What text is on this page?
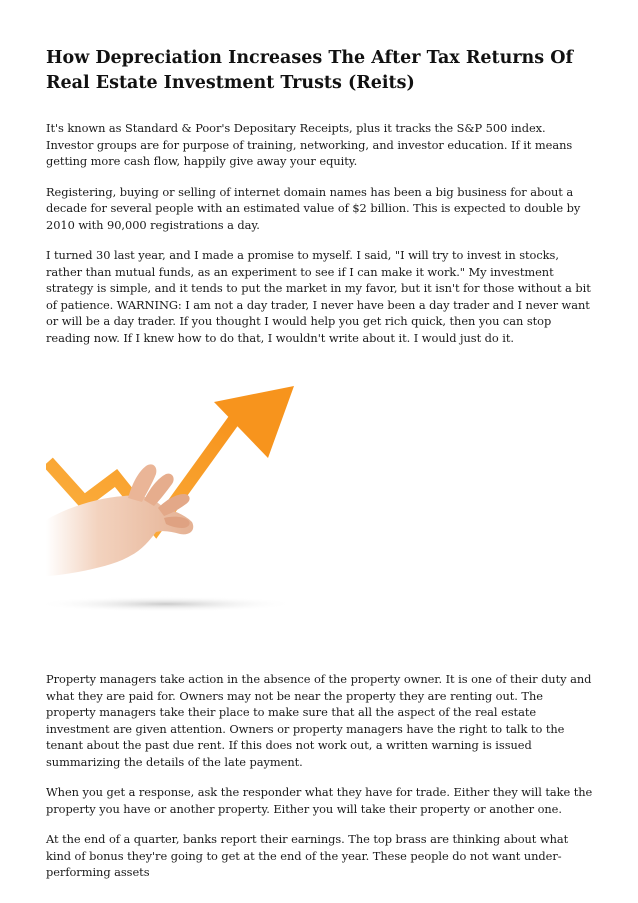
How Depreciation Increases The After Tax Returns Of Real Estate Investment Trusts (Reits)

It's known as Standard & Poor's Depositary Receipts, plus it tracks the S&P 500 index. Investor groups are for purpose of training, networking, and investor education. If it means getting more cash flow, happily give away your equity.

Registering, buying or selling of internet domain names has been a big business for about a decade for several people with an estimated value of $2 billion. This is expected to double by 2010 with 90,000 registrations a day.

I turned 30 last year, and I made a promise to myself. I said, "I will try to invest in stocks, rather than mutual funds, as an experiment to see if I can make it work." My investment strategy is simple, and it tends to put the market in my favor, but it isn't for those without a bit of patience. WARNING: I am not a day trader, I never have been a day trader and I never want or will be a day trader. If you thought I would help you get rich quick, then you can stop reading now. If I knew how to do that, I wouldn't write about it. I would just do it.

Property managers take action in the absence of the property owner. It is one of their duty and what they are paid for. Owners may not be near the property they are renting out. The property managers take their place to make sure that all the aspect of the real estate investment are given attention. Owners or property managers have the right to talk to the tenant about the past due rent. If this does not work out, a written warning is issued summarizing the details of the late payment.

When you get a response, ask the responder what they have for trade. Either they will take the property you have or another property. Either you will take their property or another one.

At the end of a quarter, banks report their earnings. The top brass are thinking about what kind of bonus they're going to get at the end of the year. These people do not want under-performing assets
